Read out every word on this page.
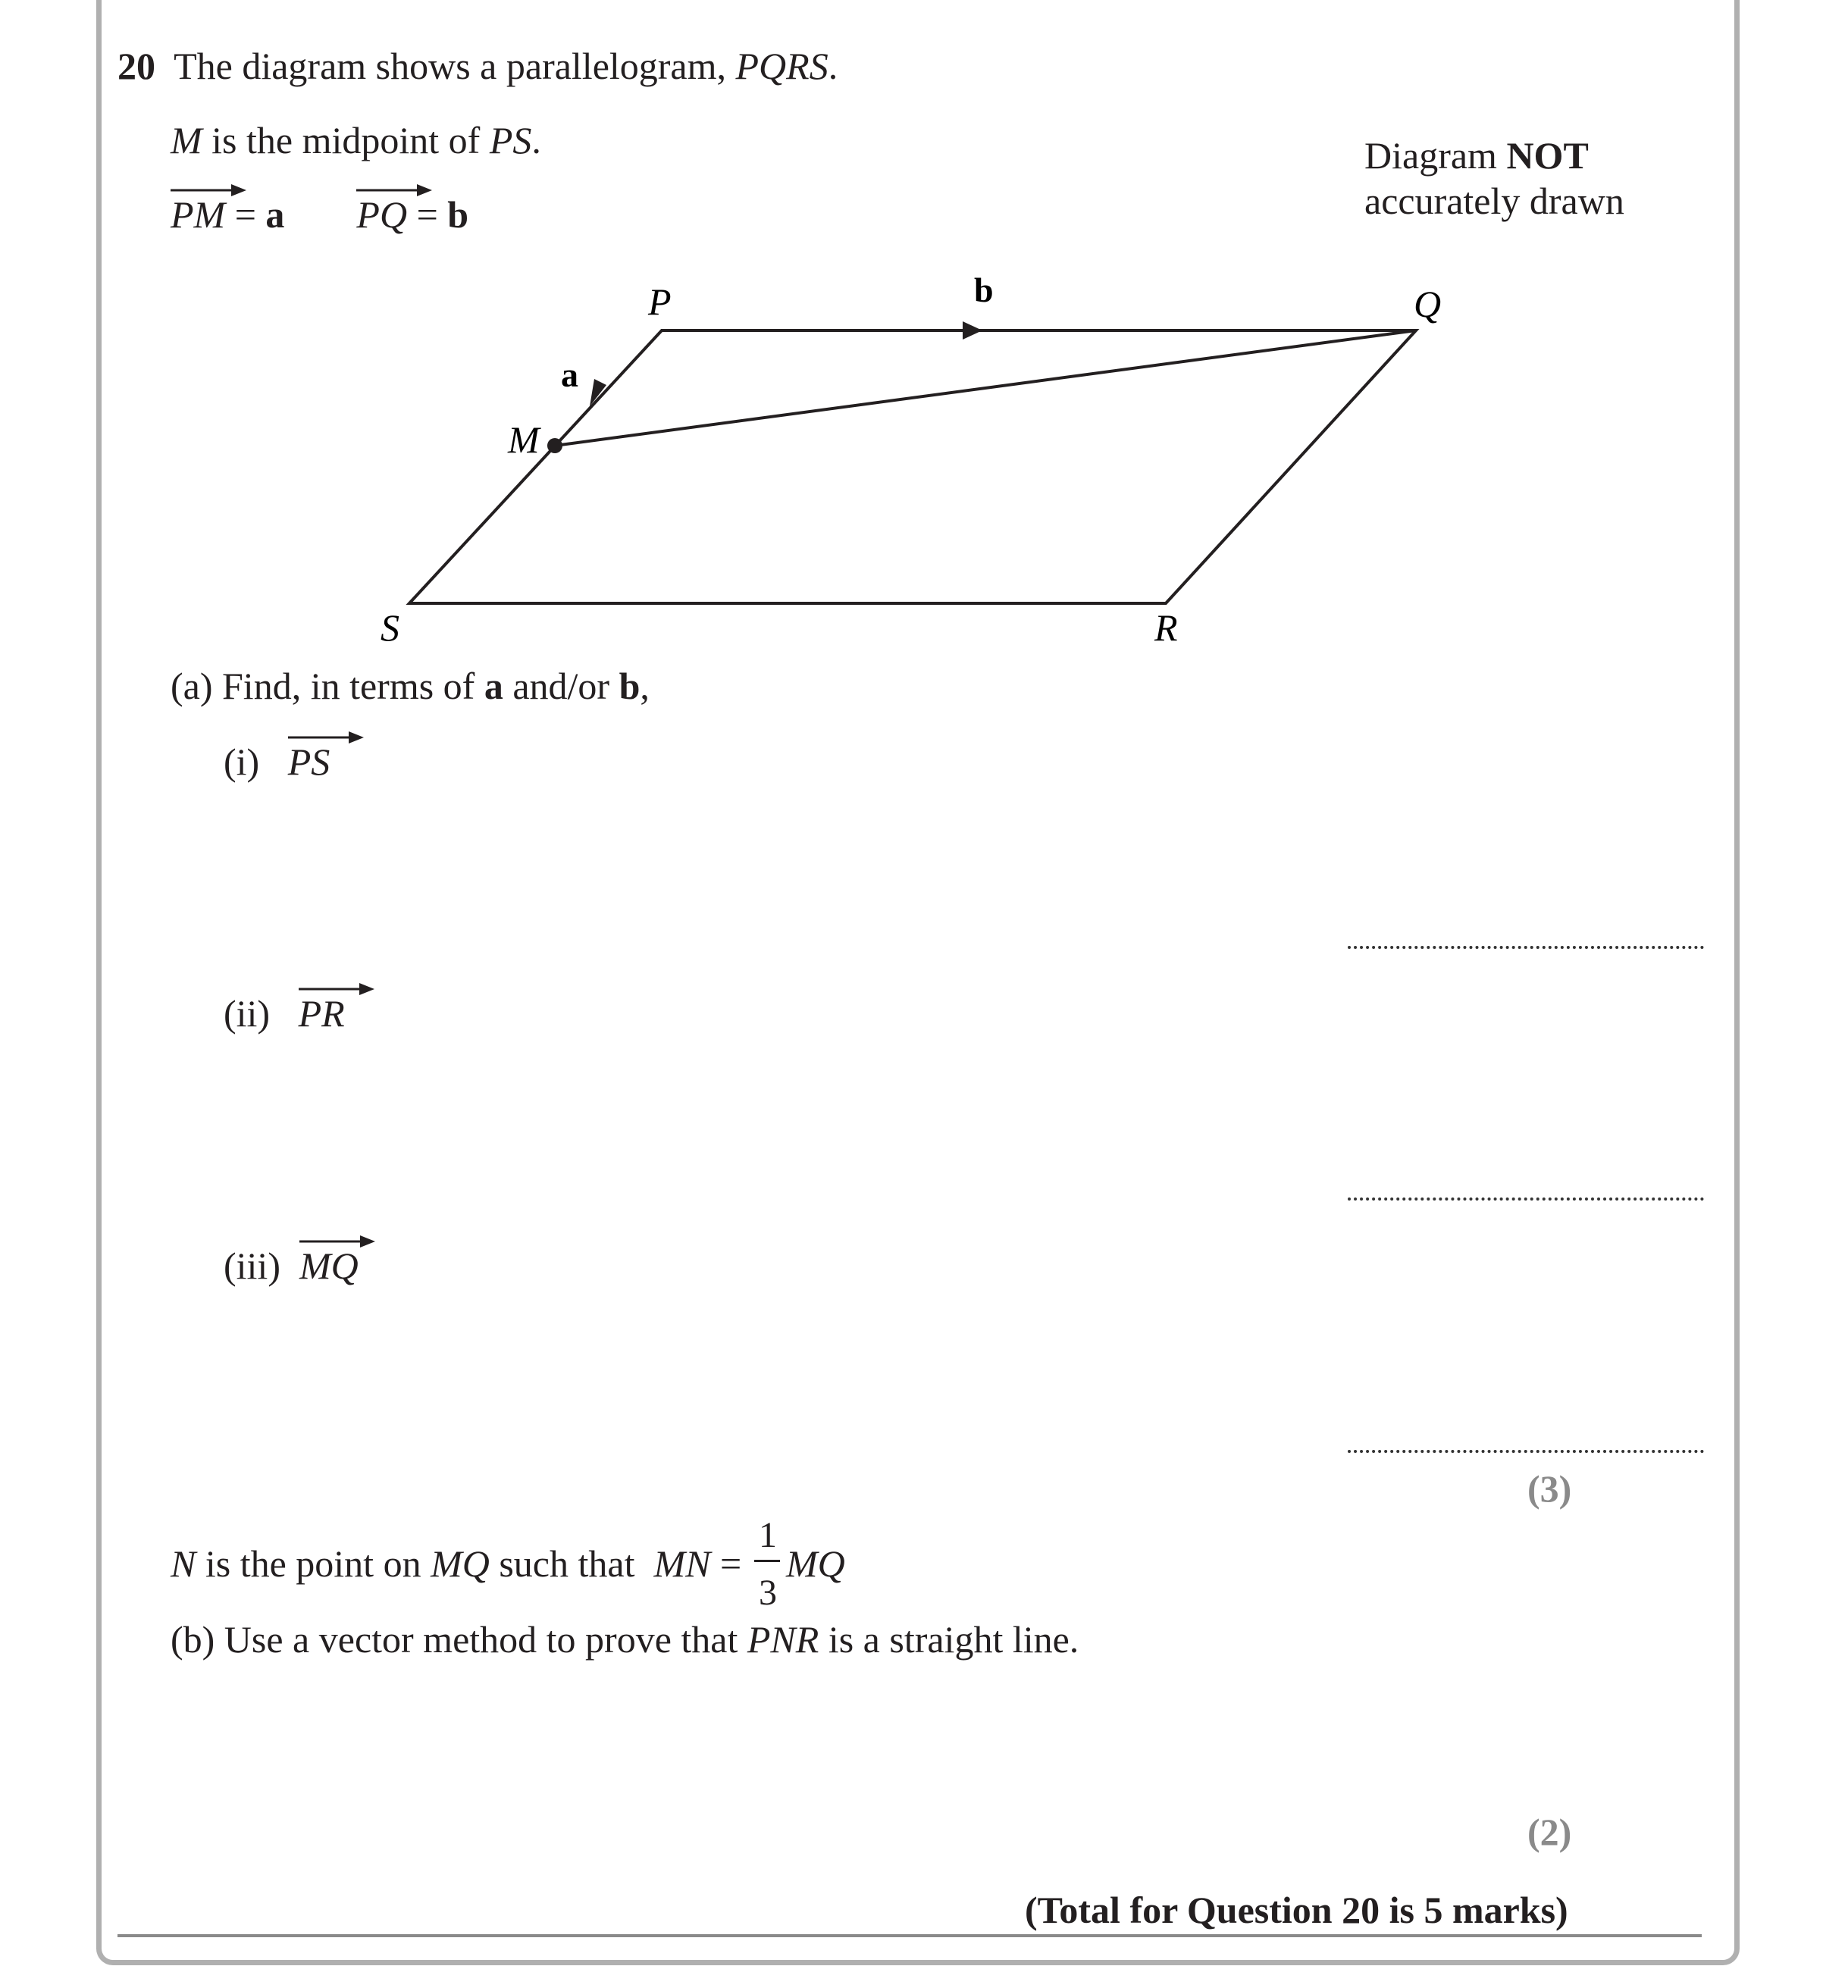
20 The diagram shows a parallelogram, PQRS.
M is the midpoint of PS.
PM = a PQ = b
Diagram NOT
accurately drawn
P	Q
R
S
M
a
b
(a) Find, in terms of a and/or b,
(i) PS
(ii) PR
(iii) MQ
(3)
N is the point on MQ such that  MN =
1
3
MQ
(b) Use a vector method to prove that PNR is a straight line.
(2)
(Total for Question 20 is 5 marks)
